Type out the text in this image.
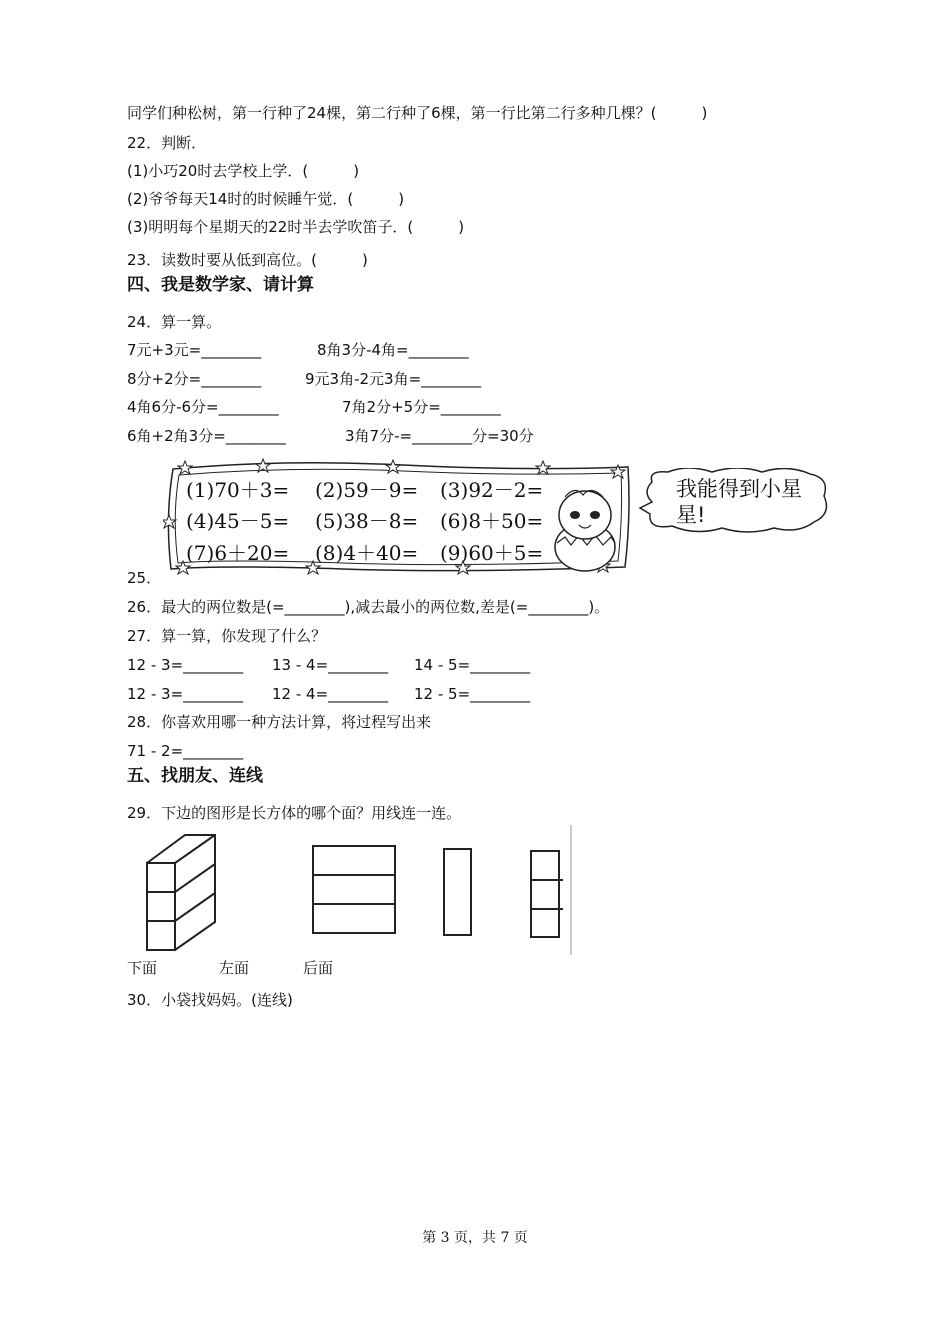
同学们种松树，第一行种了24棵，第二行种了6棵，第一行比第二行多种几棵？(　　　)
22．判断．
(1)小巧20时去学校上学．(　　　)
(2)爷爷每天14时的时候睡午觉．(　　　)
(3)明明每个星期天的22时半去学吹笛子．(　　　)
23．读数时要从低到高位。(　　　)
四、我是数学家、请计算
24．算一算。
7元+3元=________	8角3分-4角=________
8分+2分=________	9元3角-2元3角=________
4角6分-6分=________	7角2分+5分=________
6角+2角3分=________	3角7分-=________分=30分
(1)70＋3= (2)59－9= (3)92－2=
(4)45－5= (5)38－8= (6)8＋50=
(7)6＋20= (8)4＋40= (9)60＋5=
我能得到小星星!
25．
26．最大的两位数是(=________),减去最小的两位数,差是(=________)。
27．算一算，你发现了什么？
12 - 3=________ 13 - 4=________ 14 - 5=________
12 - 3=________ 12 - 4=________ 12 - 5=________
28．你喜欢用哪一种方法计算，将过程写出来
71 - 2=________
五、找朋友、连线
29．下边的图形是长方体的哪个面？用线连一连。
下面	左面	后面
30．小袋找妈妈。(连线)
第 3 页，共 7 页
